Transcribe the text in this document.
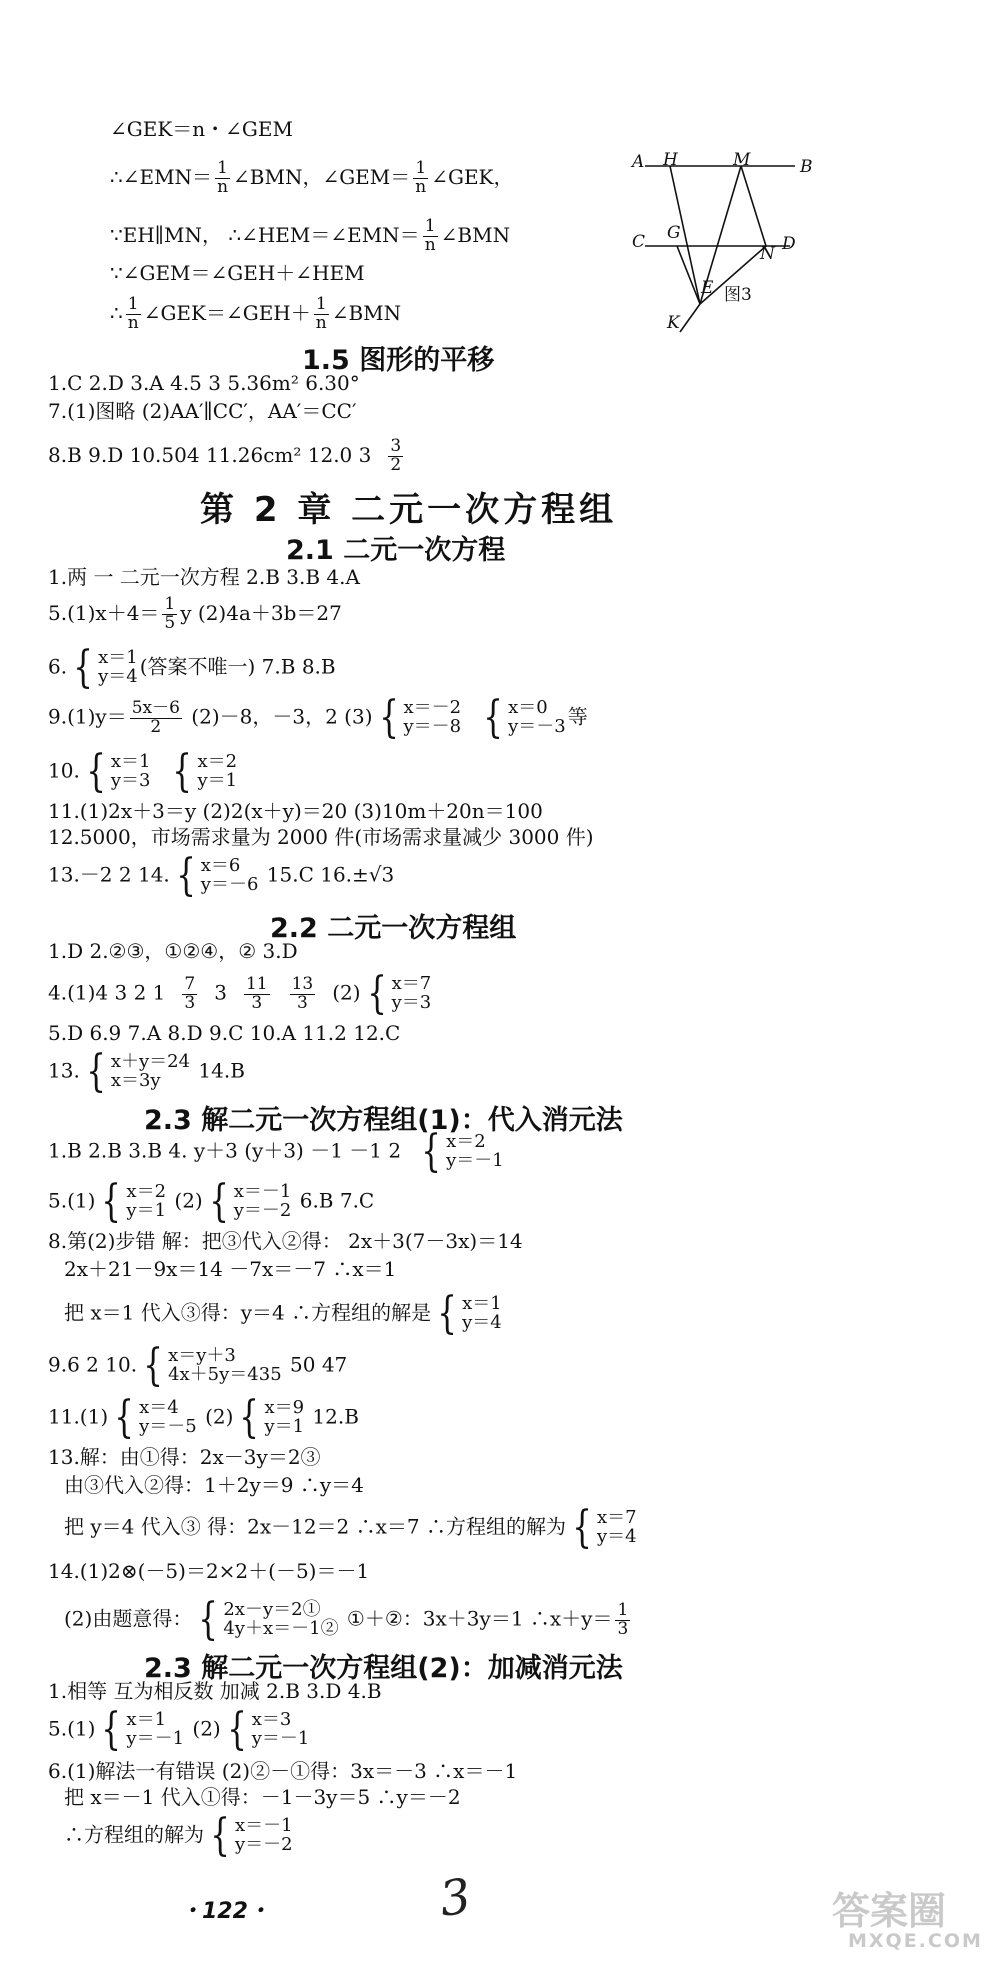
∠GEK＝n・∠GEM
∴∠EMN＝ $\frac{1}{n}$ ∠BMN，∠GEM＝ $\frac{1}{n}$ ∠GEK，
∵EH∥MN， ∴∠HEM＝∠EMN＝ $\frac{1}{n}$ ∠BMN
∵∠GEM＝∠GEH＋∠HEM
∴ $\frac{1}{n}$ ∠GEK＝∠GEH＋ $\frac{1}{n}$ ∠BMN
A H	M	B
C G
D
N
E
K
图3
1.5 图形的平移
1.C 2.D 3.A 4.5 3 5.36m² 6.30°
7.(1)图略 (2)AA′∥CC′，AA′＝CC′
8.B 9.D 10.504 11.26cm² 12.0 $3 \frac{3}{2}$
第 2 章 二元一次方程组
2.1 二元一次方程
1.两 一 二元一次方程 2.B 3.B 4.A
$5.(1)x+4= \frac{1}{5}$ y (2)4a＋3b＝27
6. { x＝1
y＝4 (答案不唯一) 7.B 8.B
$9.(1)y= \frac{5x-6}{2} (2)-8$，－3，2 (3) { x＝－2
y＝－8 { x＝0
y＝－3 等
10. { x＝1
y＝3 { x＝2
y＝1
11.(1)2x＋3＝y (2)2(x＋y)＝20 (3)10m＋20n＝100
12.5000，市场需求量为 2000 件(市场需求量减少 3000 件)
13.－2 2 14. { x＝6
y＝－6 15.C 16.±√3
2.2 二元一次方程组
1.D 2.②③，①②④，② 3.D
4.(1)4 3 2 $1 \frac{7}{3} 3 \frac{11}{3} \frac{13}{3} (2)$ { x＝7
y＝3
5.D 6.9 7.A 8.D 9.C 10.A 11.2 12.C
13. { x＋y＝24
x＝3y	14.B
2.3 解二元一次方程组(1)：代入消元法
1.B 2.B 3.B 4. y＋3 (y＋3) －1 －1 2 { x＝2
y＝－1
5.(1) { x＝2
y＝1 (2) { x＝－1
y＝－2 6.B 7.C
8.第(2)步错 解：把③代入②得： 2x＋3(7－3x)＝14
2x＋21－9x＝14 －7x＝－7 ∴x＝1
把 x＝1 代入③得：y＝4 ∴方程组的解是 { x＝1
y＝4
9.6 2 10. { x＝y＋3
4x＋5y＝435 50 47
11.(1) { x＝4
y＝－5 (2) { x＝9
y＝1 12.B
13.解：由①得：2x－3y＝2③
由③代入②得：1＋2y＝9 ∴y＝4
把 y＝4 代入③ 得：2x－12＝2 ∴x＝7 ∴方程组的解为 { x＝7
y＝4
14.(1)2⊗(－5)＝2×2＋(－5)＝－1
(2)由题意得： { 2x－y＝2①
4y＋x＝－1② ①＋②：3x＋3y＝1 ∴x＋y＝ $\frac{1}{3}$
2.3 解二元一次方程组(2)：加减消元法
1.相等 互为相反数 加减 2.B 3.D 4.B
5.(1) { x＝1
y＝－1 (2) { x＝3
y＝－1
6.(1)解法一有错误 (2)②－①得：3x＝－3 ∴x＝－1
把 x＝－1 代入①得：－1－3y＝5 ∴y＝－2
∴方程组的解为 { x＝－1
y＝－2
・122・	3	答案圈
MXQE.COM
